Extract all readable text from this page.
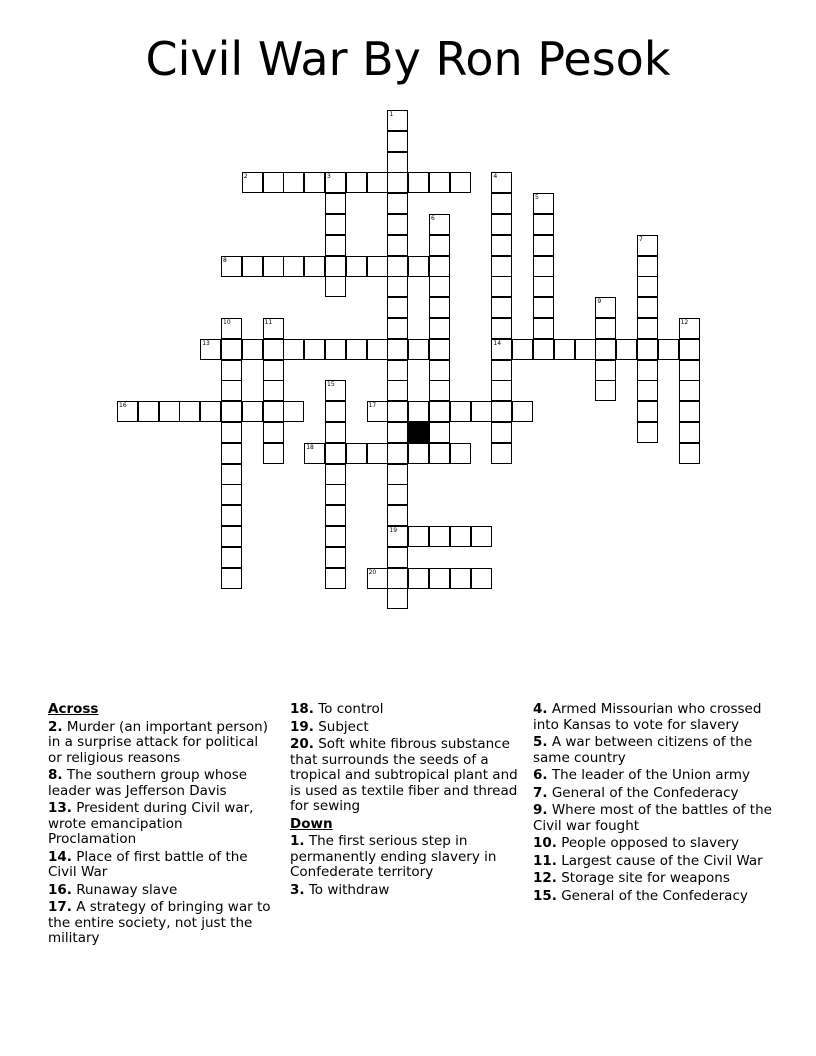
Civil War By Ron Pesok
1
19
2	3	4
14
5
6
7
8
9
10	11	12
13
15
16	17
18
20
Across
2. Murder (an important person) in a surprise attack for political or religious reasons
8. The southern group whose leader was Jefferson Davis
13. President during Civil war, wrote emancipation Proclamation
14. Place of first battle of the Civil War
16. Runaway slave
17. A strategy of bringing war to the entire society, not just the military
18. To control
19. Subject
20. Soft white fibrous substance that surrounds the seeds of a tropical and subtropical plant and is used as textile fiber and thread for sewing
Down
1. The first serious step in permanently ending slavery in Confederate territory
3. To withdraw
4. Armed Missourian who crossed into Kansas to vote for slavery
5. A war between citizens of the same country
6. The leader of the Union army
7. General of the Confederacy
9. Where most of the battles of the Civil war fought
10. People opposed to slavery
11. Largest cause of the Civil War
12. Storage site for weapons
15. General of the Confederacy
